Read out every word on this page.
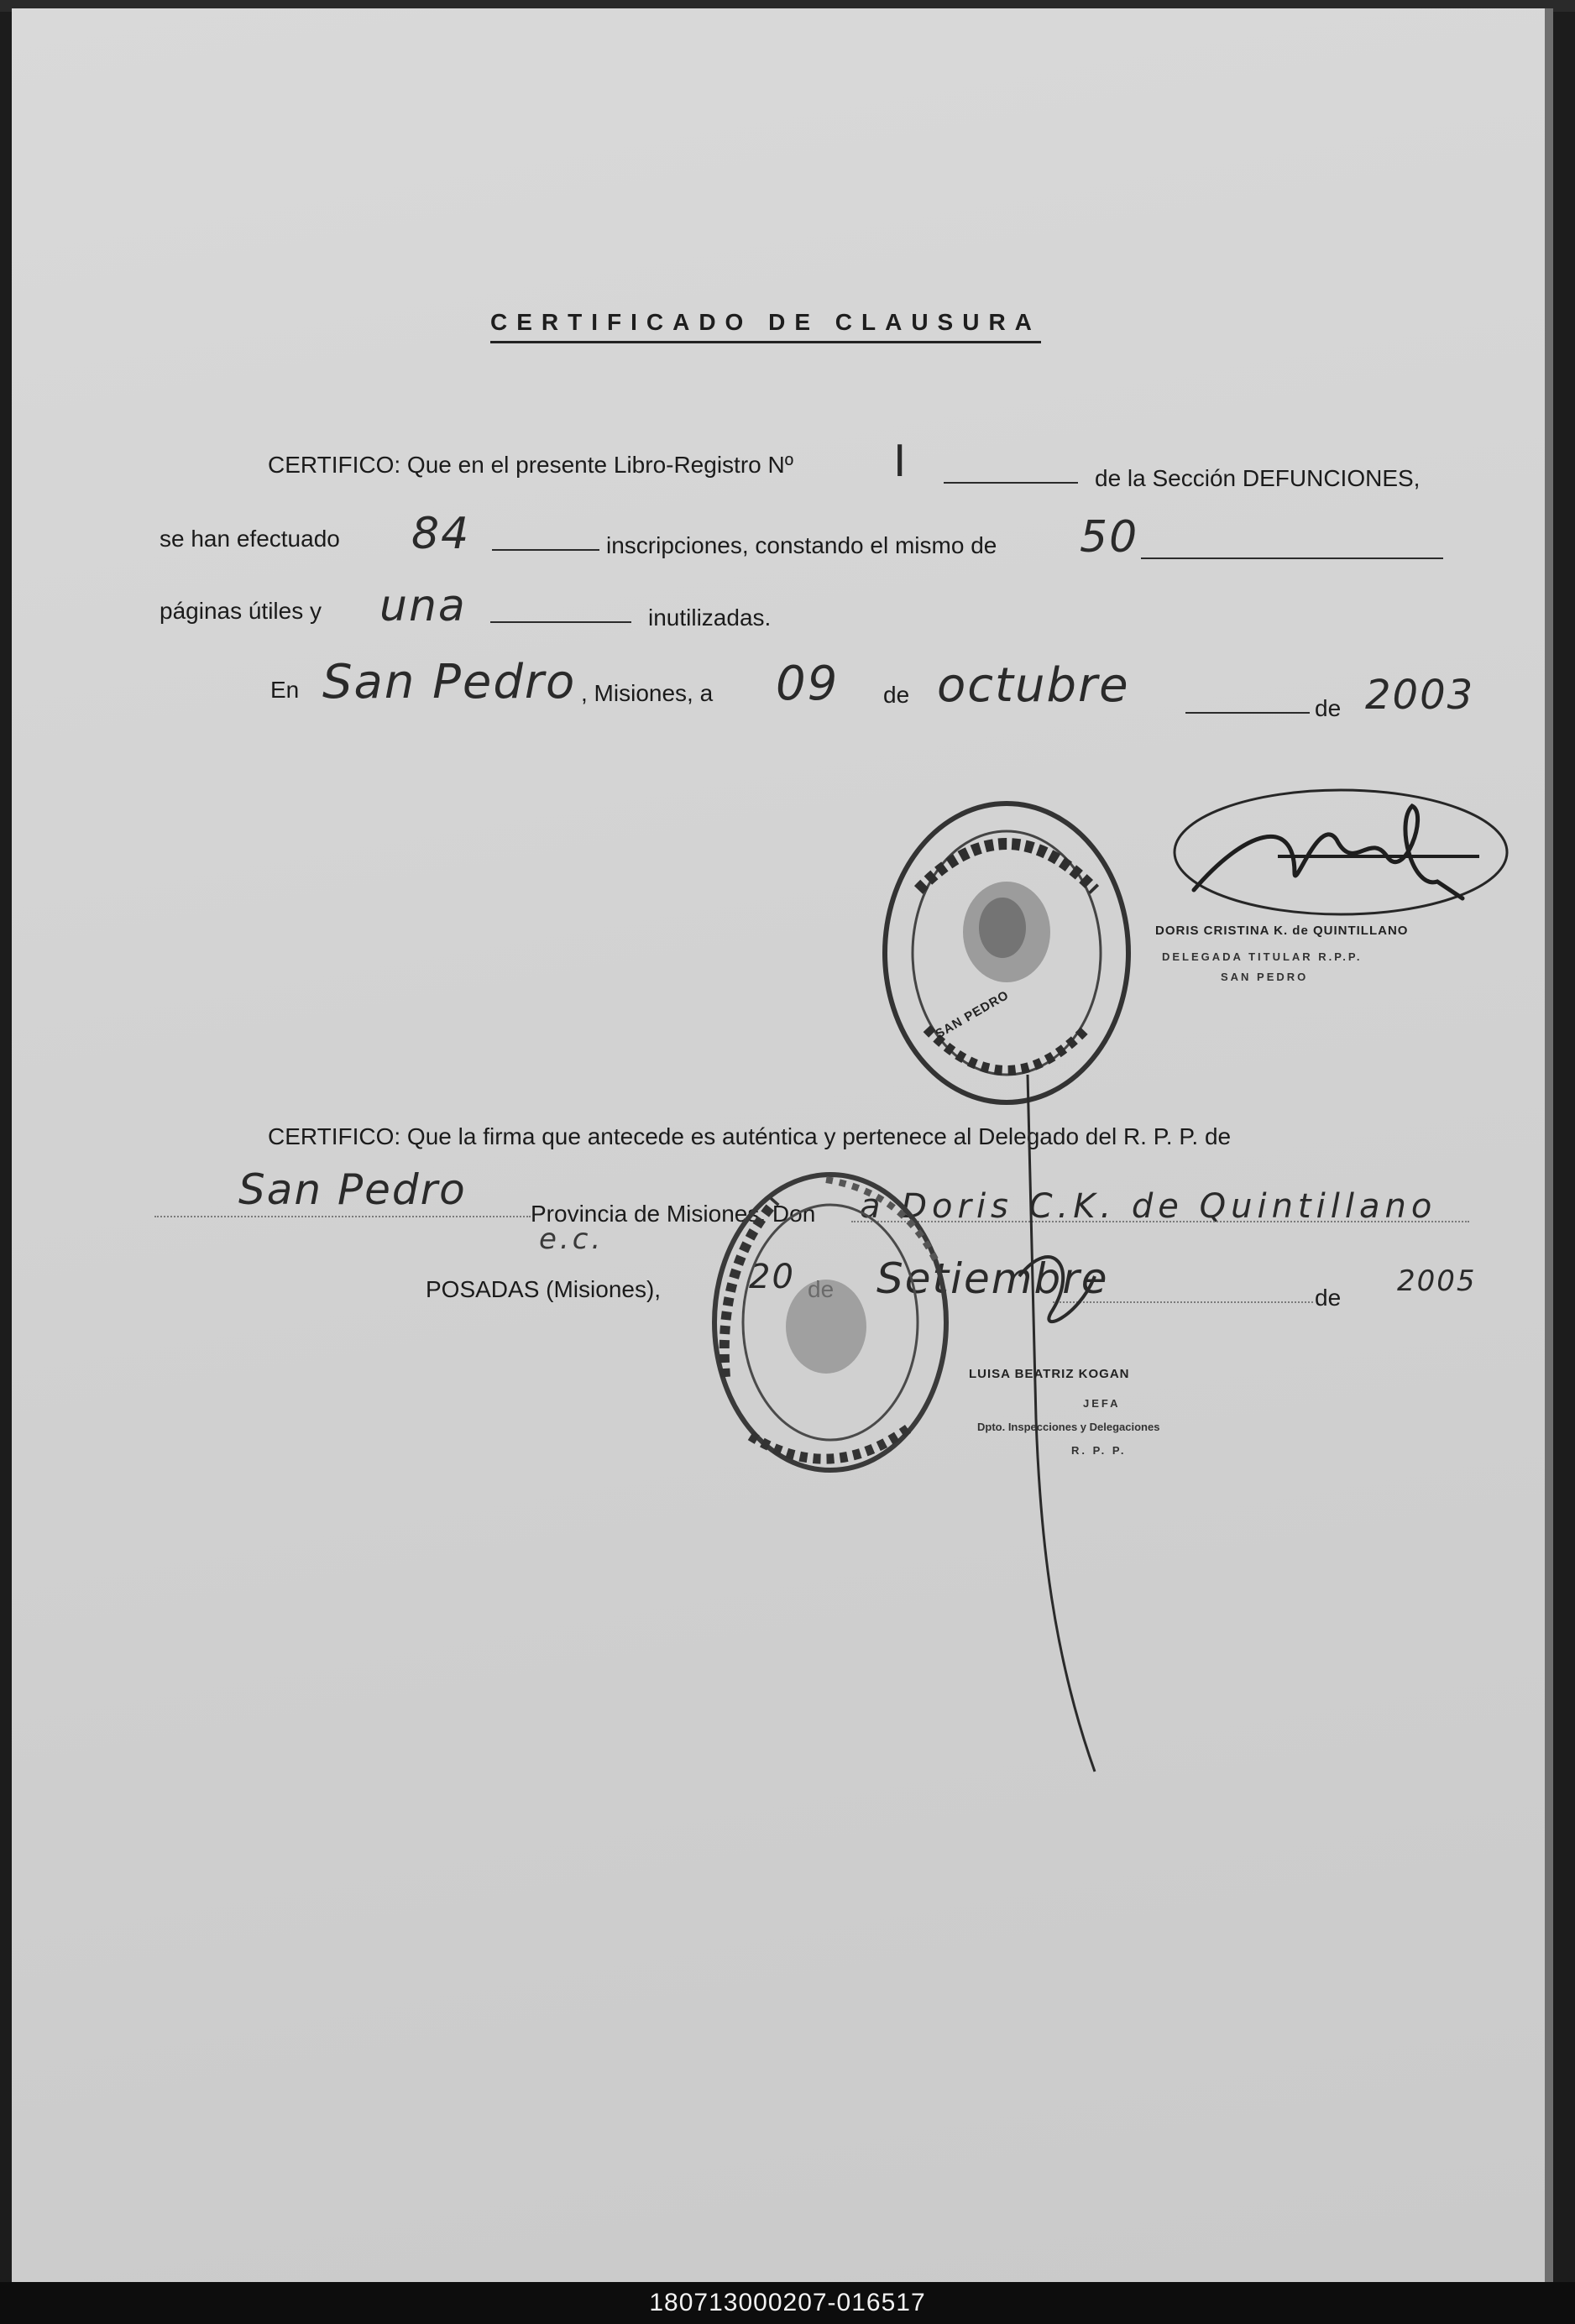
CERTIFICADO DE CLAUSURA
CERTIFICO: Que en el presente Libro-Registro Nº I	de la Sección DEFUNCIONES,
se han efectuado 84	inscripciones, constando el mismo de 50
páginas útiles y una	inutilizadas.
En San Pedro , Misiones, a 09 de octubre	de 2003
SAN PEDRO
DORIS CRISTINA K. de QUINTILLANO
DELEGADA TITULAR R.P.P.
SAN PEDRO
CERTIFICO: Que la firma que antecede es auténtica y pertenece al Delegado del R. P. P. de
San Pedro	Provincia de Misiones, Don a Doris C.K. de Quintillano
e.c.
POSADAS (Misiones),	20 Setiembre	de 2005
LUISA BEATRIZ KOGAN
JEFA
Dpto. Inspecciones y Delegaciones
R. P. P.
180713000207-016517
